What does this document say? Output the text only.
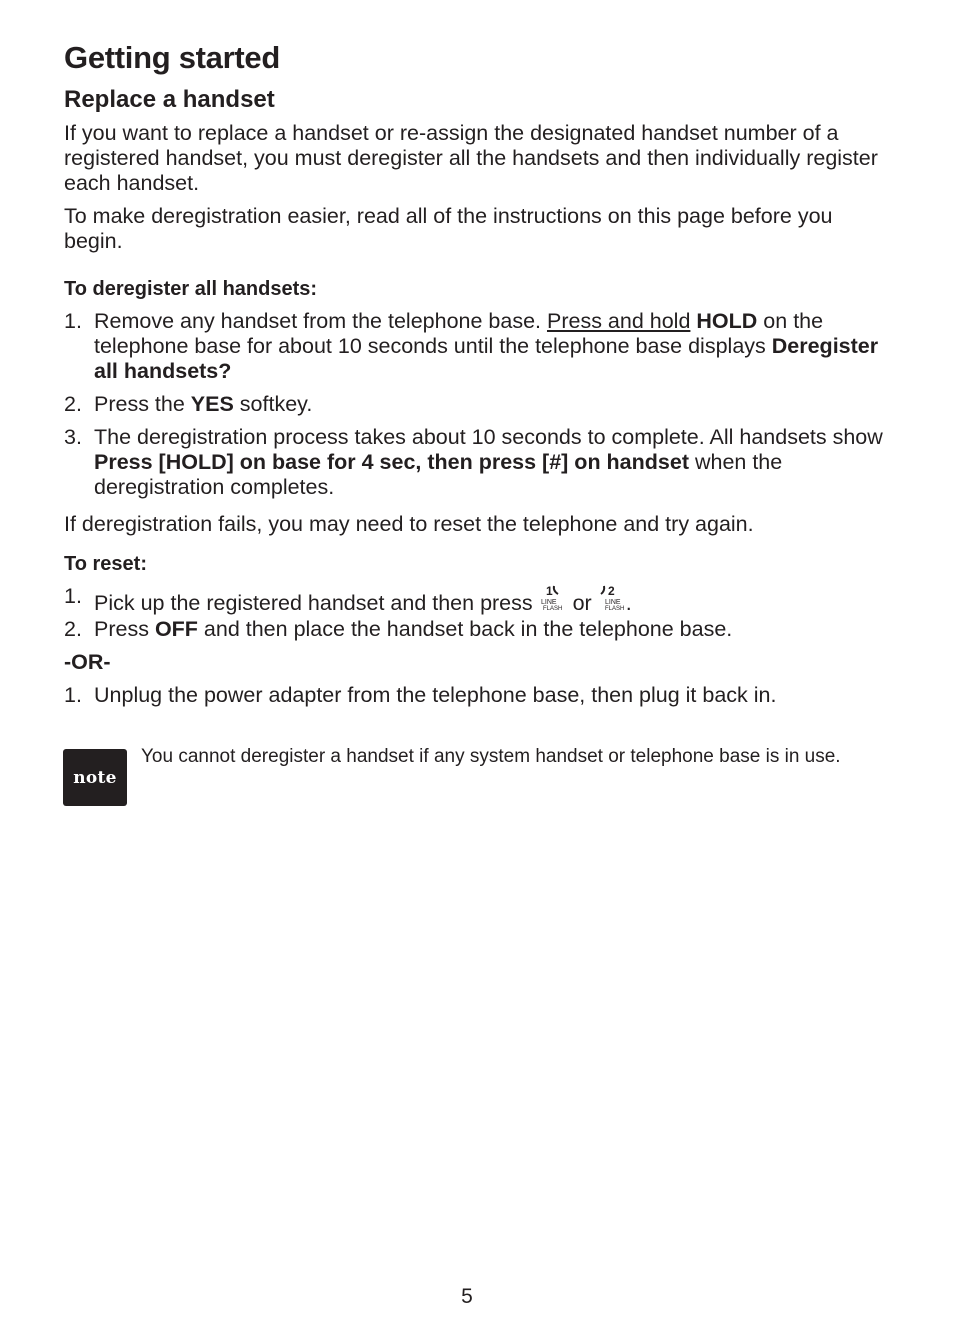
Getting started
Replace a handset

If you want to replace a handset or re-assign the designated handset number of a registered handset, you must deregister all the handsets and then individually register each handset.

To make deregistration easier, read all of the instructions on this page before you begin.

To deregister all handsets:

1. Remove any handset from the telephone base. Press and hold HOLD on the telephone base for about 10 seconds until the telephone base displays Deregister all handsets?
2. Press the YES softkey.
3. The deregistration process takes about 10 seconds to complete. All handsets show Press [HOLD] on base for 4 sec, then press [#] on handset when the deregistration completes.

If deregistration fails, you may need to reset the telephone and try again.

To reset:

1. Pick up the registered handset and then press 1
LINE
FLASH or 2
LINE
FLASH .
2. Press OFF and then place the handset back in the telephone base.
-OR-
1. Unplug the power adapter from the telephone base, then plug it back in.
note
You cannot deregister a handset if any system handset or telephone base is in use.
5
